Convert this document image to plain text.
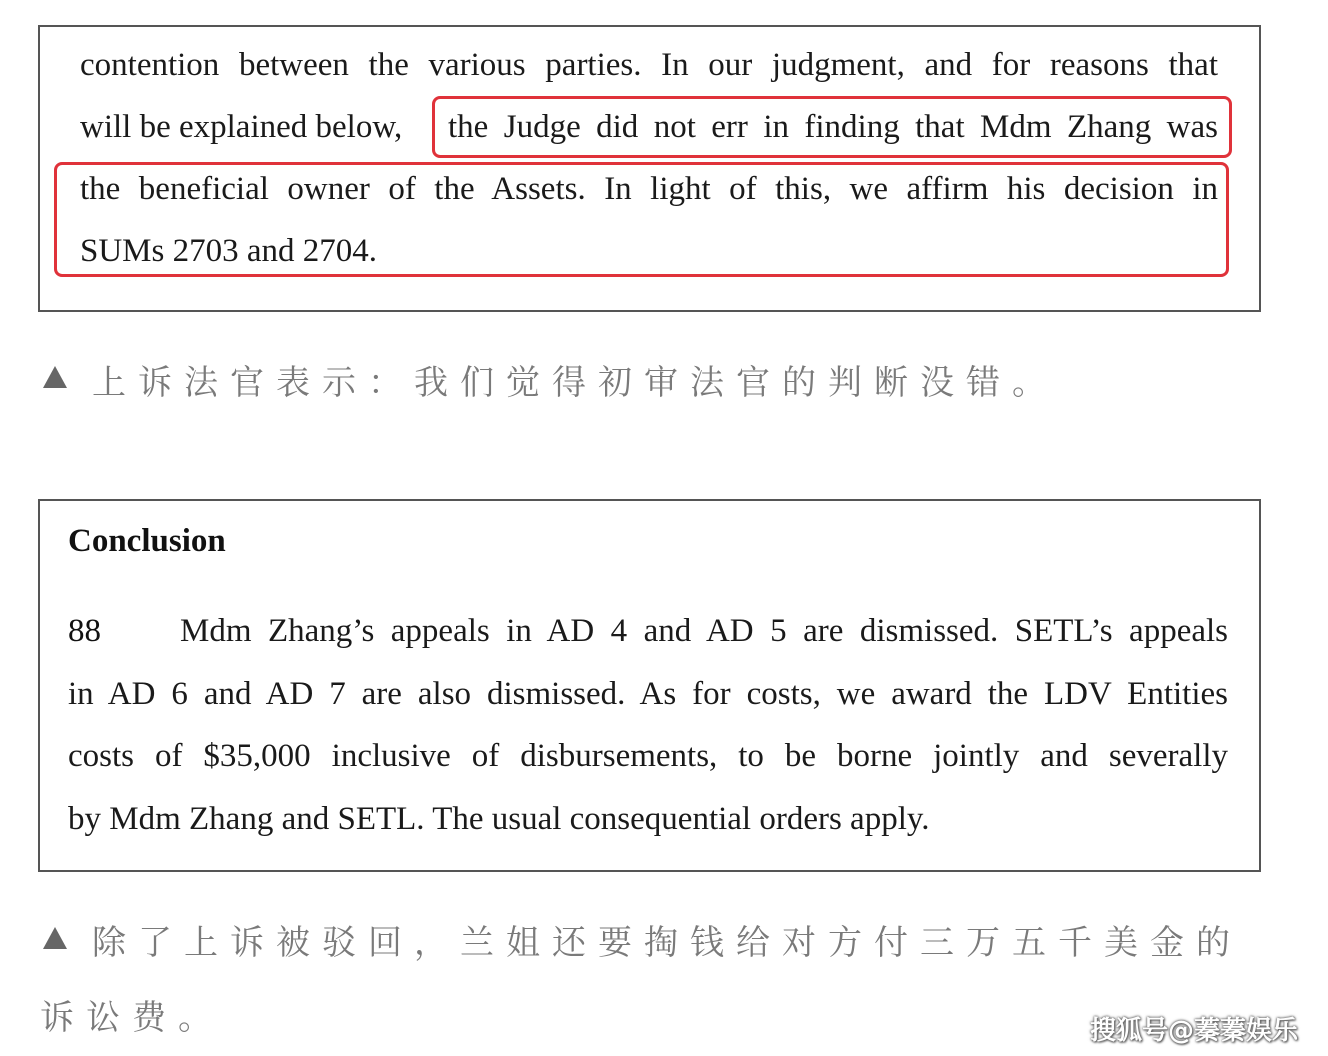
contention between the various parties. In our judgment, and for reasons that
will be explained below, the Judge did not err in finding that Mdm Zhang was
the beneficial owner of the Assets. In light of this, we affirm his decision in
SUMs 2703 and 2704.
上诉法官表示：我们觉得初审法官的判断没错。
Conclusion
88 Mdm Zhang’s appeals in AD 4 and AD 5 are dismissed. SETL’s appeals
in AD 6 and AD 7 are also dismissed. As for costs, we award the LDV Entities
costs of $35,000 inclusive of disbursements, to be borne jointly and severally
by Mdm Zhang and SETL. The usual consequential orders apply.
除了上诉被驳回，兰姐还要掏钱给对方付三万五千美金的
诉讼费。	搜狐号@蓁蓁娱乐
